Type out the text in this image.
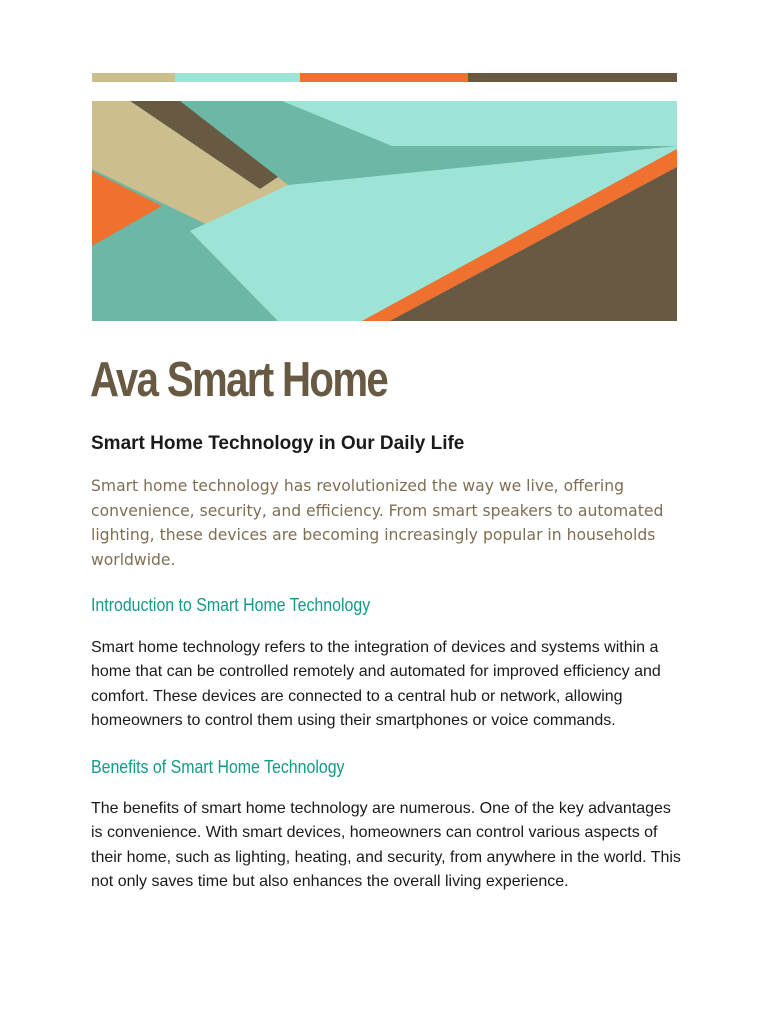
Ava Smart Home
Smart Home Technology in Our Daily Life

Smart home technology has revolutionized the way we live, offering convenience, security, and efficiency. From smart speakers to automated lighting, these devices are becoming increasingly popular in households worldwide.

Introduction to Smart Home Technology

Smart home technology refers to the integration of devices and systems within a home that can be controlled remotely and automated for improved efficiency and comfort. These devices are connected to a central hub or network, allowing homeowners to control them using their smartphones or voice commands.

Benefits of Smart Home Technology

The benefits of smart home technology are numerous. One of the key advantages is convenience. With smart devices, homeowners can control various aspects of their home, such as lighting, heating, and security, from anywhere in the world. This not only saves time but also enhances the overall living experience.
